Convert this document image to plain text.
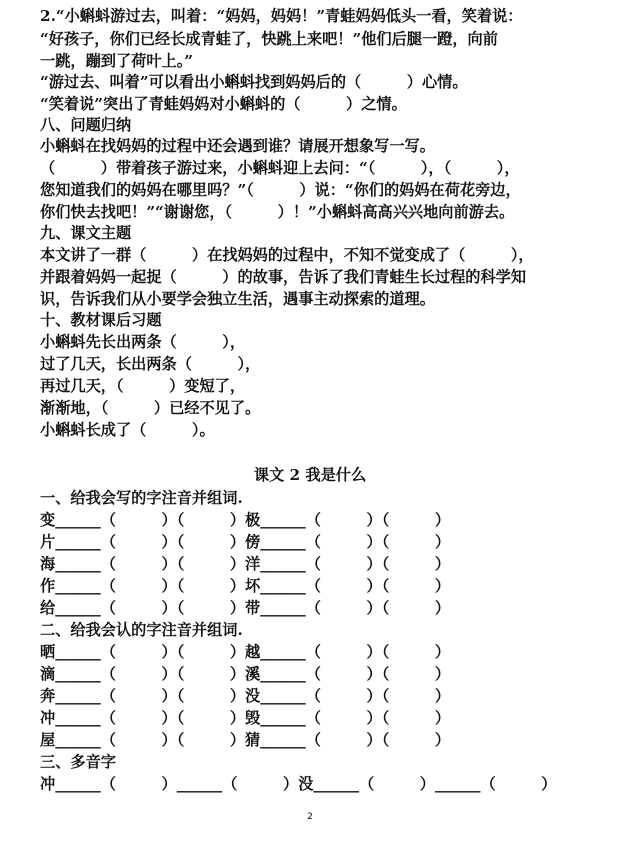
2.“小蝌蚪游过去，叫着：“妈妈，妈妈！”青蛙妈妈低头一看，笑着说：
“好孩子，你们已经长成青蛙了，快跳上来吧！”他们后腿一蹬，向前
一跳，蹦到了荷叶上。”
“游过去、叫着”可以看出小蝌蚪找到妈妈后的（　　　）心情。
“笑着说”突出了青蛙妈妈对小蝌蚪的（　　　）之情。
八、问题归纳
小蝌蚪在找妈妈的过程中还会遇到谁？请展开想象写一写。
（　　　）带着孩子游过来，小蝌蚪迎上去问：“（　　　），（　　　），
您知道我们的妈妈在哪里吗？”（　　　）说：“你们的妈妈在荷花旁边，
你们快去找吧！”“谢谢您，（　　　）！”小蝌蚪高高兴兴地向前游去。
九、课文主题
本文讲了一群（　　　）在找妈妈的过程中，不知不觉变成了（　　　），
并跟着妈妈一起捉（　　　）的故事，告诉了我们青蛙生长过程的科学知
识，告诉我们从小要学会独立生活，遇事主动探索的道理。
十、教材课后习题
小蝌蚪先长出两条（　　　），
过了几天，长出两条（　　　），
再过几天，（　　　）变短了，
渐渐地，（　　　）已经不见了。
小蝌蚪长成了（　　　）。
课文 2 我是什么
一、给我会写的字注音并组词.
变______（　　　）（　　　）极______（　　　）（　　　）
片______（　　　）（　　　）傍______（　　　）（　　　）
海______（　　　）（　　　）洋______（　　　）（　　　）
作______（　　　）（　　　）坏______（　　　）（　　　）
给______（　　　）（　　　）带______（　　　）（　　　）
二、给我会认的字注音并组词.
晒______（　　　）（　　　）越______（　　　）（　　　）
滴______（　　　）（　　　）溪______（　　　）（　　　）
奔______（　　　）（　　　）没______（　　　）（　　　）
冲______（　　　）（　　　）毁______（　　　）（　　　）
屋______（　　　）（　　　）猜______（　　　）（　　　）
三、多音字
冲______（　　　）______（　　　）没______（　　　）______（　　　）
2
